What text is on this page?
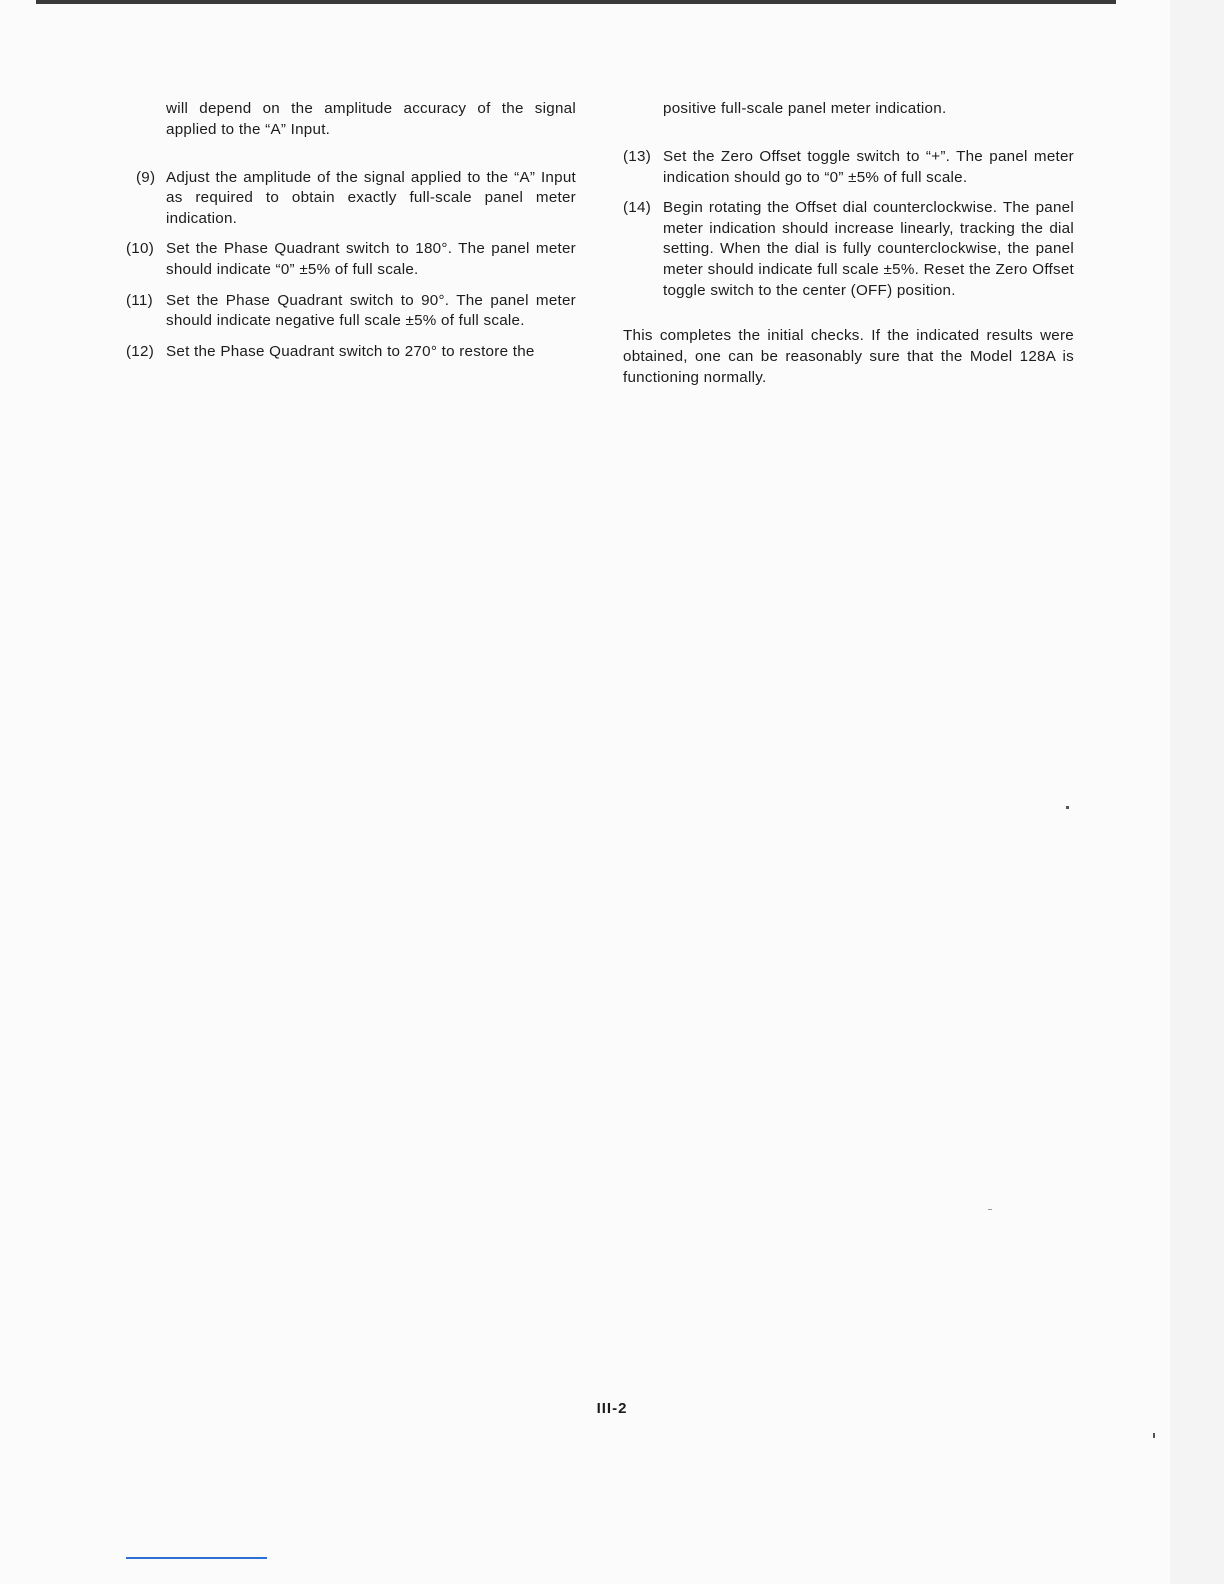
will depend on the amplitude accuracy of the signal applied to the “A” Input.

(9) Adjust the amplitude of the signal applied to the “A” Input as required to obtain exactly full-scale panel meter indication.
(10) Set the Phase Quadrant switch to 180°. The panel meter should indicate “0” ±5% of full scale.
(11) Set the Phase Quadrant switch to 90°. The panel meter should indicate negative full scale ±5% of full scale.
(12) Set the Phase Quadrant switch to 270° to restore the

positive full-scale panel meter indication.

(13) Set the Zero Offset toggle switch to “+”. The panel meter indication should go to “0” ±5% of full scale.
(14) Begin rotating the Offset dial counterclockwise. The panel meter indication should increase linearly, tracking the dial setting. When the dial is fully counterclockwise, the panel meter should indicate full scale ±5%. Reset the Zero Offset toggle switch to the center (OFF) position.

This completes the initial checks. If the indicated results were obtained, one can be reasonably sure that the Model 128A is functioning normally.

III-2
